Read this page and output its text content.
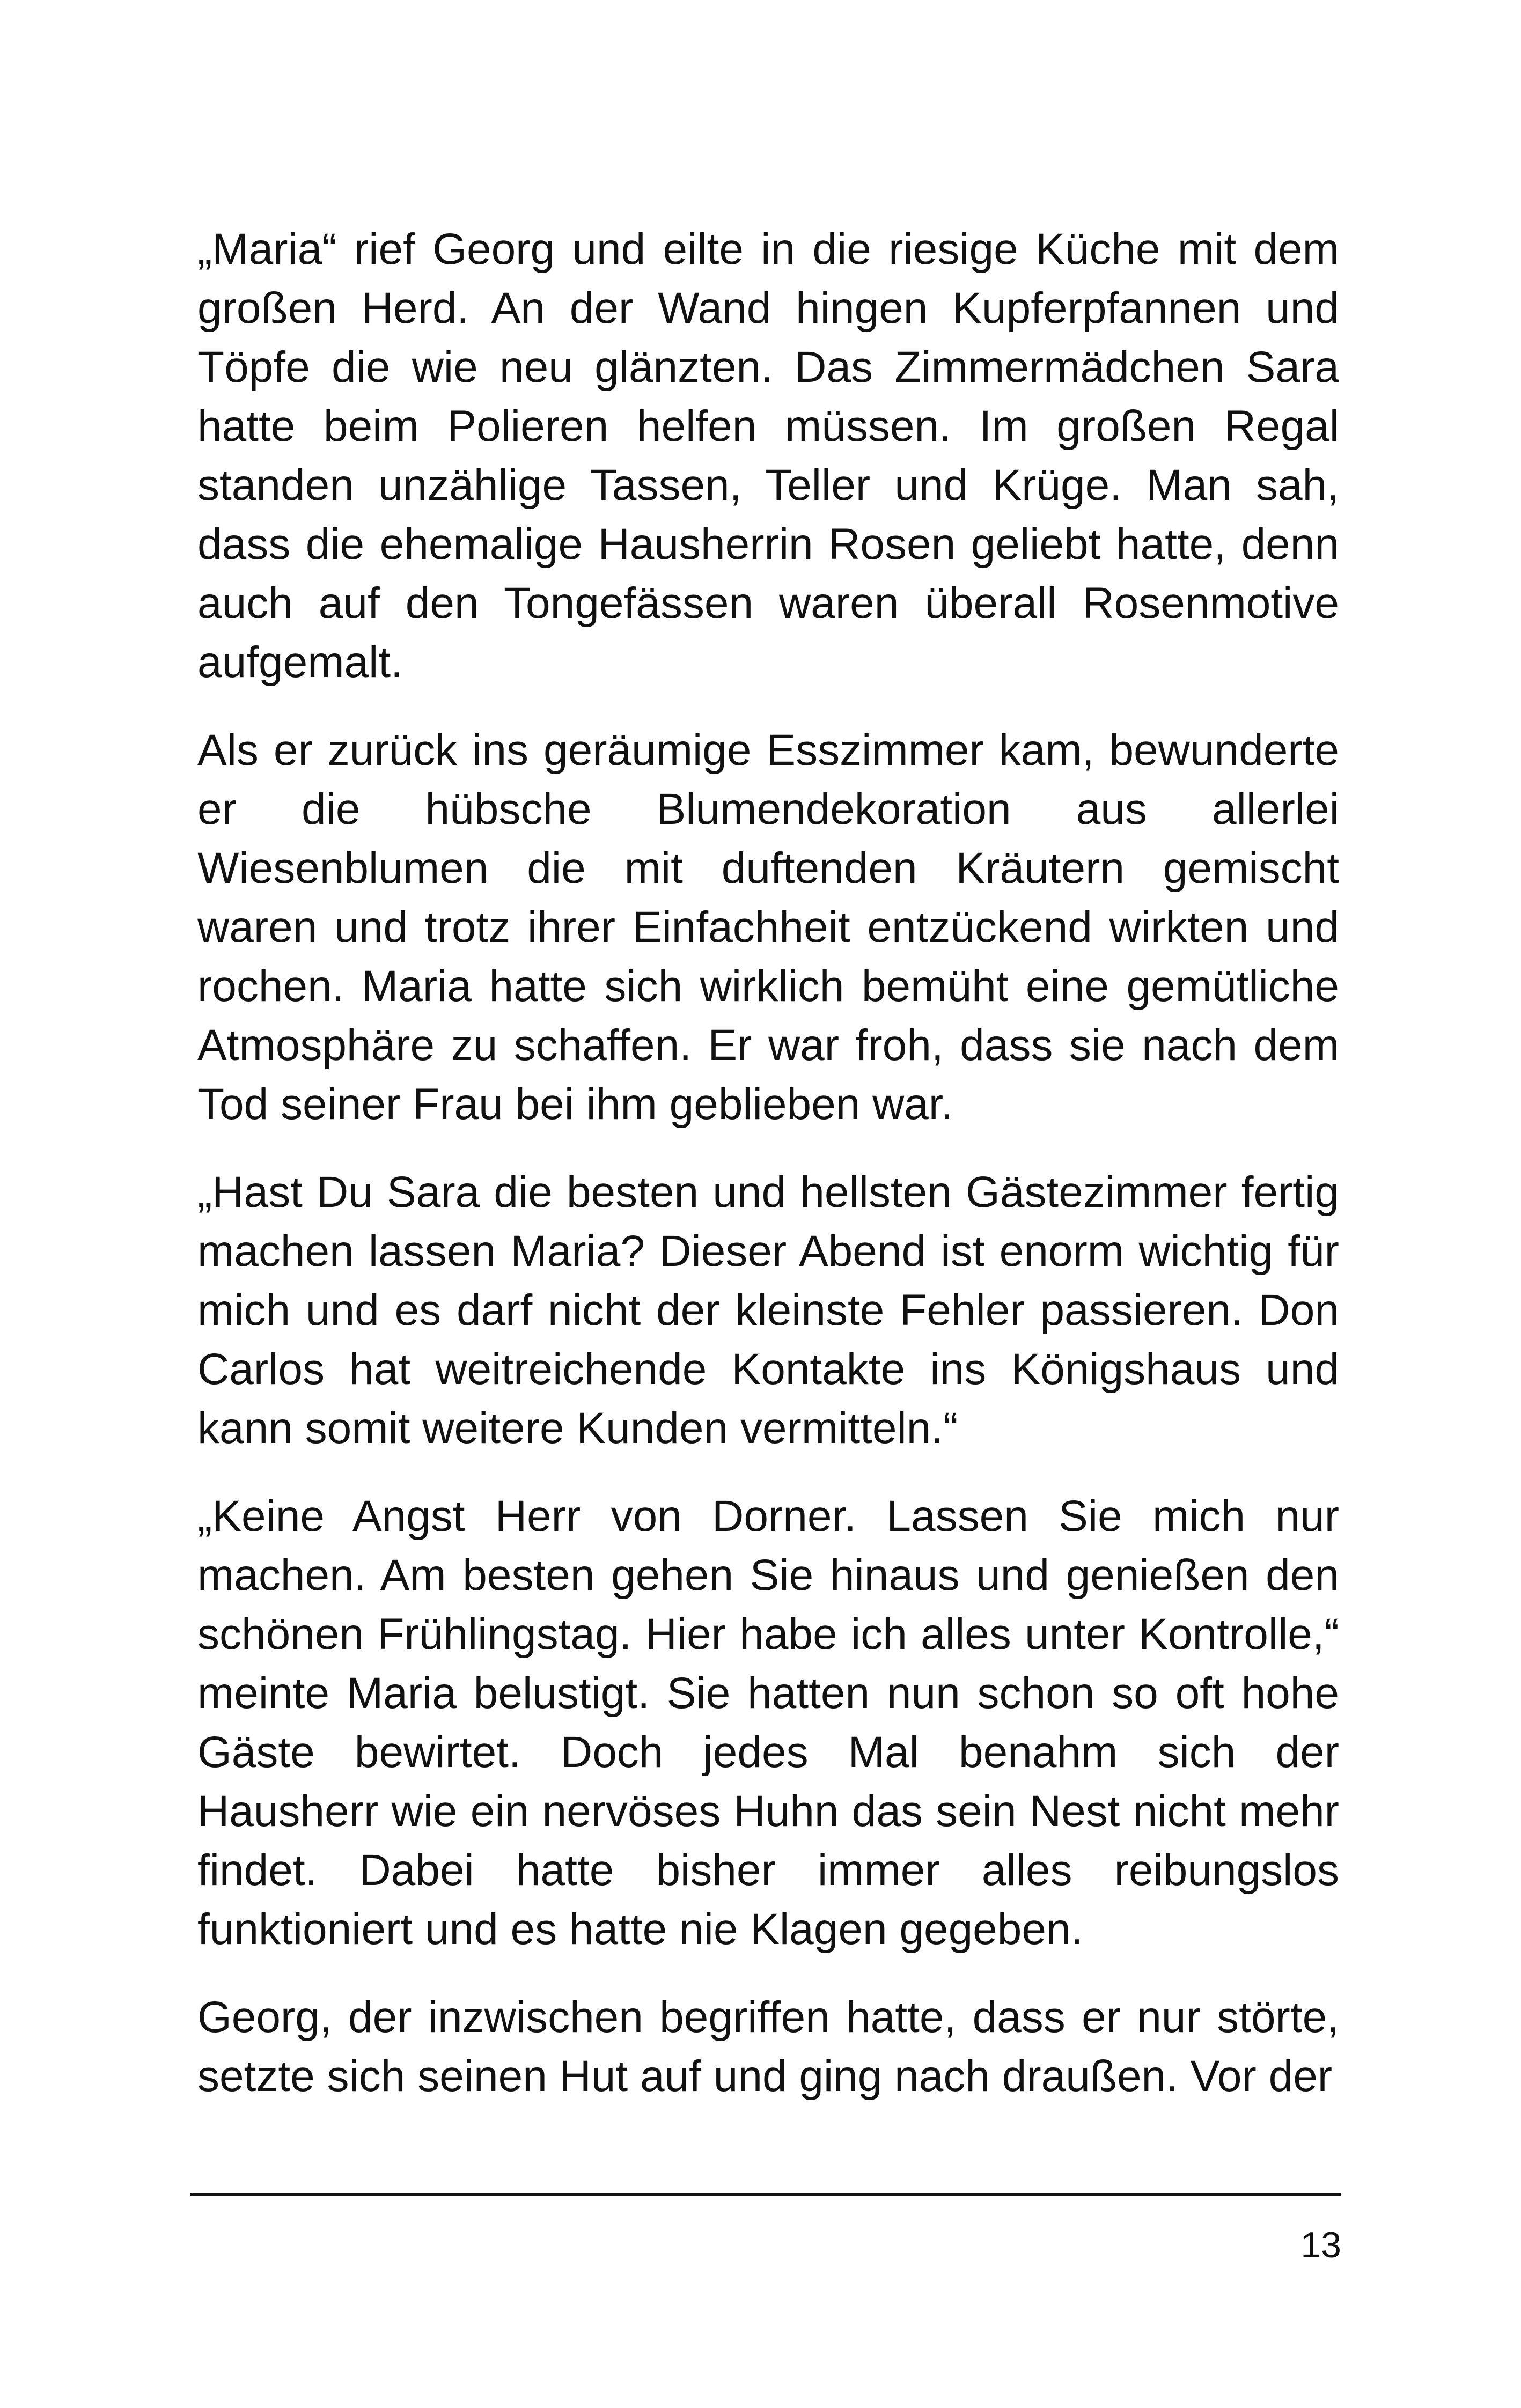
„Maria“ rief Georg und eilte in die riesige Küche mit dem großen Herd. An der Wand hingen Kupferpfannen und Töpfe die wie neu glänzten. Das Zimmermädchen Sara hatte beim Polieren helfen müssen. Im großen Regal standen unzählige Tassen, Teller und Krüge. Man sah, dass die ehemalige Hausherrin Rosen geliebt hatte, denn auch auf den Tongefässen waren überall Rosenmotive aufgemalt.

Als er zurück ins geräumige Esszimmer kam, bewunderte er die hübsche Blumendekoration aus allerlei Wiesenblumen die mit duftenden Kräutern gemischt waren und trotz ihrer Einfachheit entzückend wirkten und rochen. Maria hatte sich wirklich bemüht eine gemütliche Atmosphäre zu schaffen. Er war froh, dass sie nach dem Tod seiner Frau bei ihm geblieben war.

„Hast Du Sara die besten und hellsten Gästezimmer fertig machen lassen Maria? Dieser Abend ist enorm wichtig für mich und es darf nicht der kleinste Fehler passieren. Don Carlos hat weitreichende Kontakte ins Königshaus und kann somit weitere Kunden vermitteln.“

„Keine Angst Herr von Dorner. Lassen Sie mich nur machen. Am besten gehen Sie hinaus und genießen den schönen Frühlingstag. Hier habe ich alles unter Kontrolle,“ meinte Maria belustigt. Sie hatten nun schon so oft hohe Gäste bewirtet. Doch jedes Mal benahm sich der Hausherr wie ein nervöses Huhn das sein Nest nicht mehr findet. Dabei hatte bisher immer alles reibungslos funktioniert und es hatte nie Klagen gegeben.

Georg, der inzwischen begriffen hatte, dass er nur störte, setzte sich seinen Hut auf und ging nach draußen. Vor der

13
